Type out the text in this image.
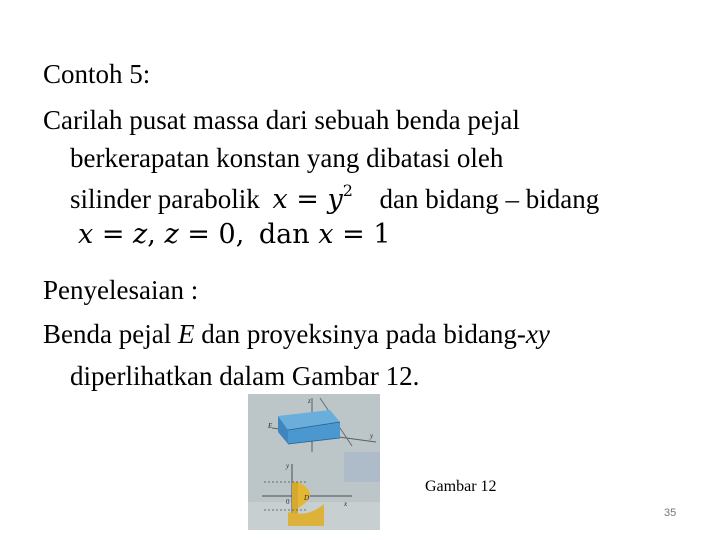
Contoh 5:
Carilah pusat massa dari sebuah benda pejal
berkerapatan konstan yang dibatasi oleh
silinder parabolik $x = y^2$ dan bidang – bidang
x = z, z = 0, dan x = 1
Penyelesaian :
Benda pejal E dan proyeksinya pada bidang-xy
diperlihatkan dalam Gambar 12.
z
y
E
y
x
D
0
Gambar 12
35
